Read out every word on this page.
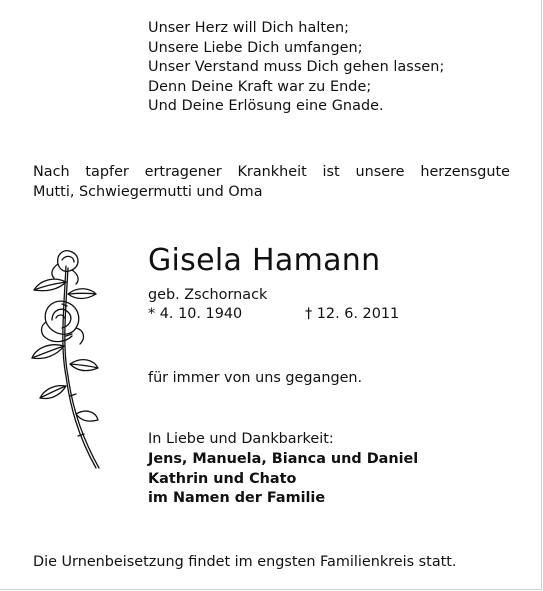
Unser Herz will Dich halten;
Unsere Liebe Dich umfangen;
Unser Verstand muss Dich gehen lassen;
Denn Deine Kraft war zu Ende;
Und Deine Erlösung eine Gnade.
Nach tapfer ertragener Krankheit ist unsere herzensgute
Mutti, Schwiegermutti und Oma
Gisela Hamann
geb. Zschornack
* 4. 10. 1940	† 12. 6. 2011
für immer von uns gegangen.
In Liebe und Dankbarkeit:
Jens, Manuela, Bianca und Daniel
Kathrin und Chato
im Namen der Familie
Die Urnenbeisetzung findet im engsten Familienkreis statt.
